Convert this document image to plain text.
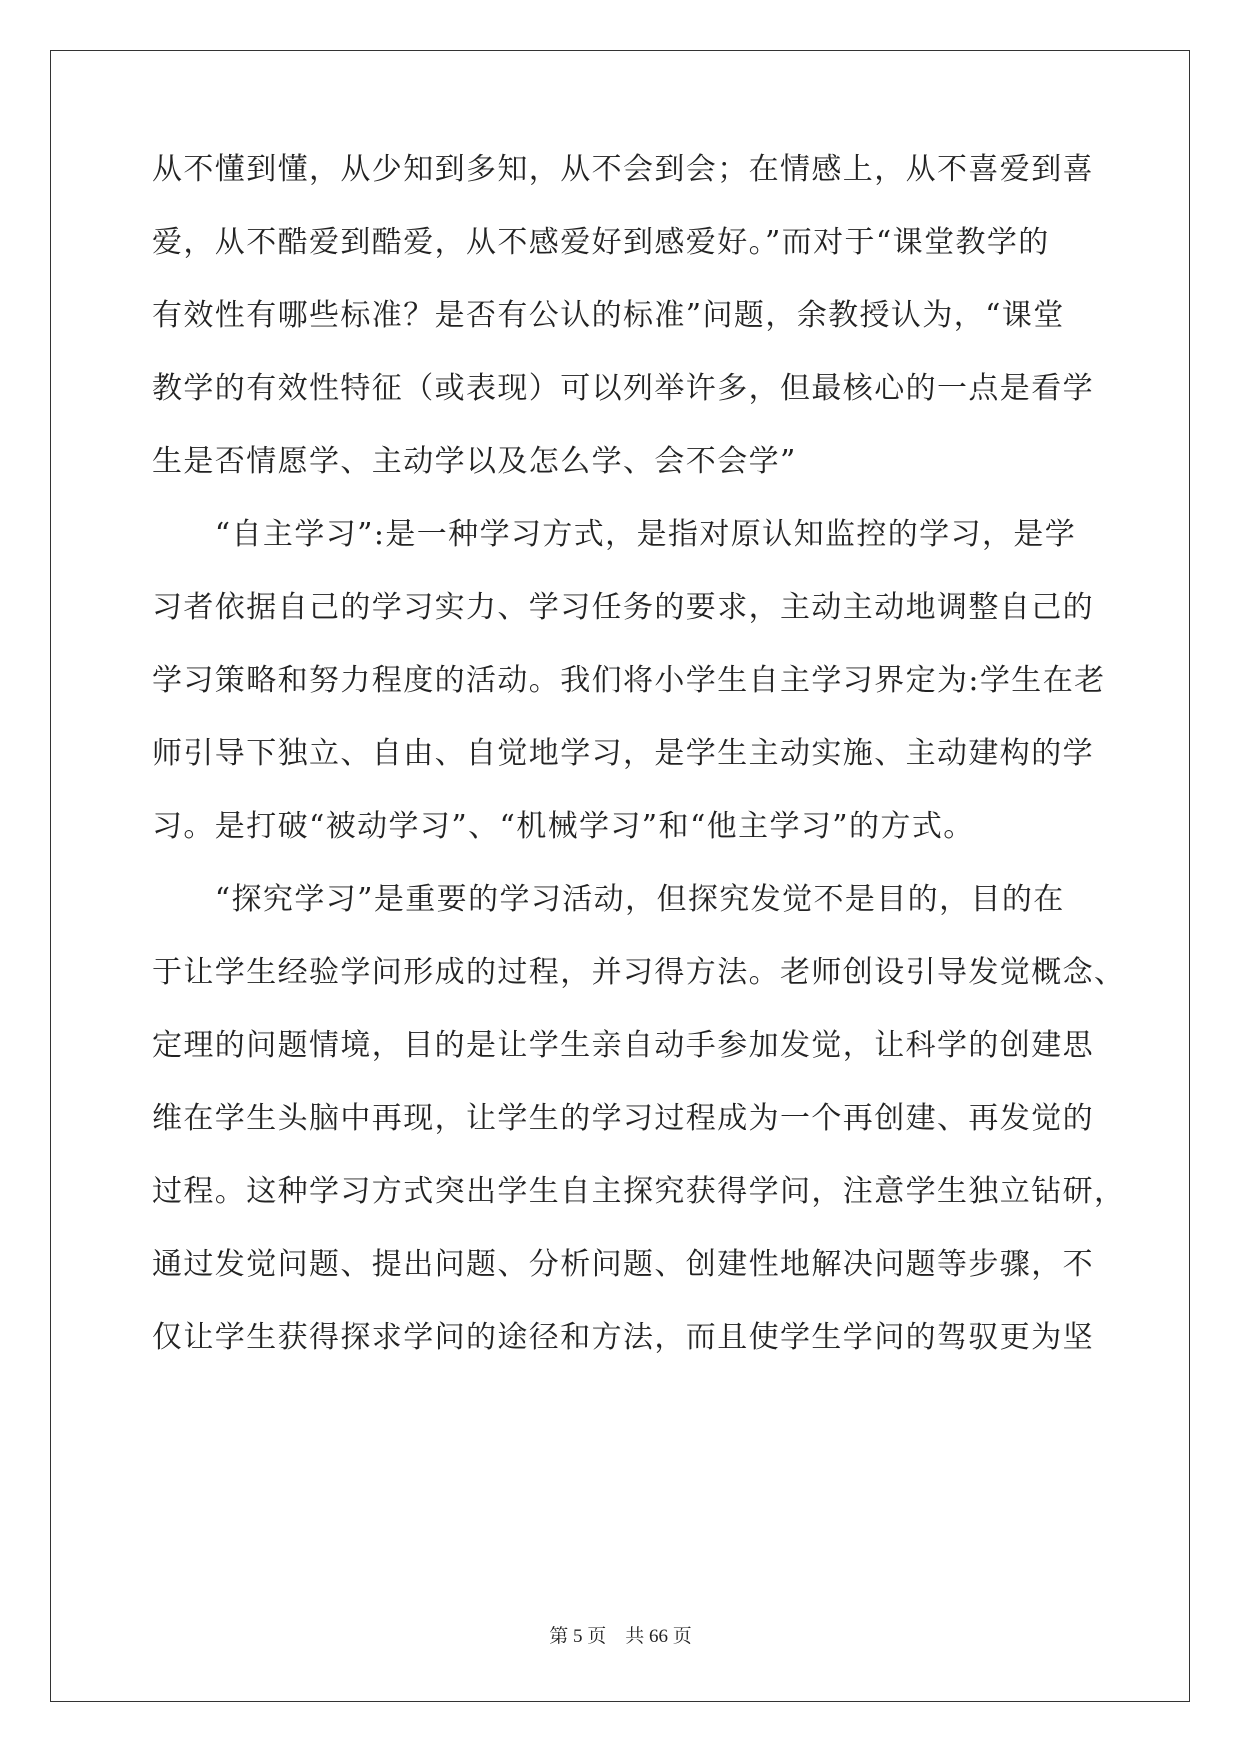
从不懂到懂，从少知到多知，从不会到会；在情感上，从不喜爱到喜
爱，从不酷爱到酷爱，从不感爱好到感爱好。”而对于“课堂教学的
有效性有哪些标准？是否有公认的标准”问题，余教授认为，“课堂
教学的有效性特征（或表现）可以列举许多，但最核心的一点是看学
生是否情愿学、主动学以及怎么学、会不会学”
　　“自主学习”:是一种学习方式，是指对原认知监控的学习，是学
习者依据自己的学习实力、学习任务的要求，主动主动地调整自己的
学习策略和努力程度的活动。我们将小学生自主学习界定为:学生在老
师引导下独立、自由、自觉地学习，是学生主动实施、主动建构的学
习。是打破“被动学习”、“机械学习”和“他主学习”的方式。
　　“探究学习”是重要的学习活动，但探究发觉不是目的，目的在
于让学生经验学问形成的过程，并习得方法。老师创设引导发觉概念、
定理的问题情境，目的是让学生亲自动手参加发觉，让科学的创建思
维在学生头脑中再现，让学生的学习过程成为一个再创建、再发觉的
过程。这种学习方式突出学生自主探究获得学问，注意学生独立钻研，
通过发觉问题、提出问题、分析问题、创建性地解决问题等步骤，不
仅让学生获得探求学问的途径和方法，而且使学生学问的驾驭更为坚
第 5 页    共 66 页
